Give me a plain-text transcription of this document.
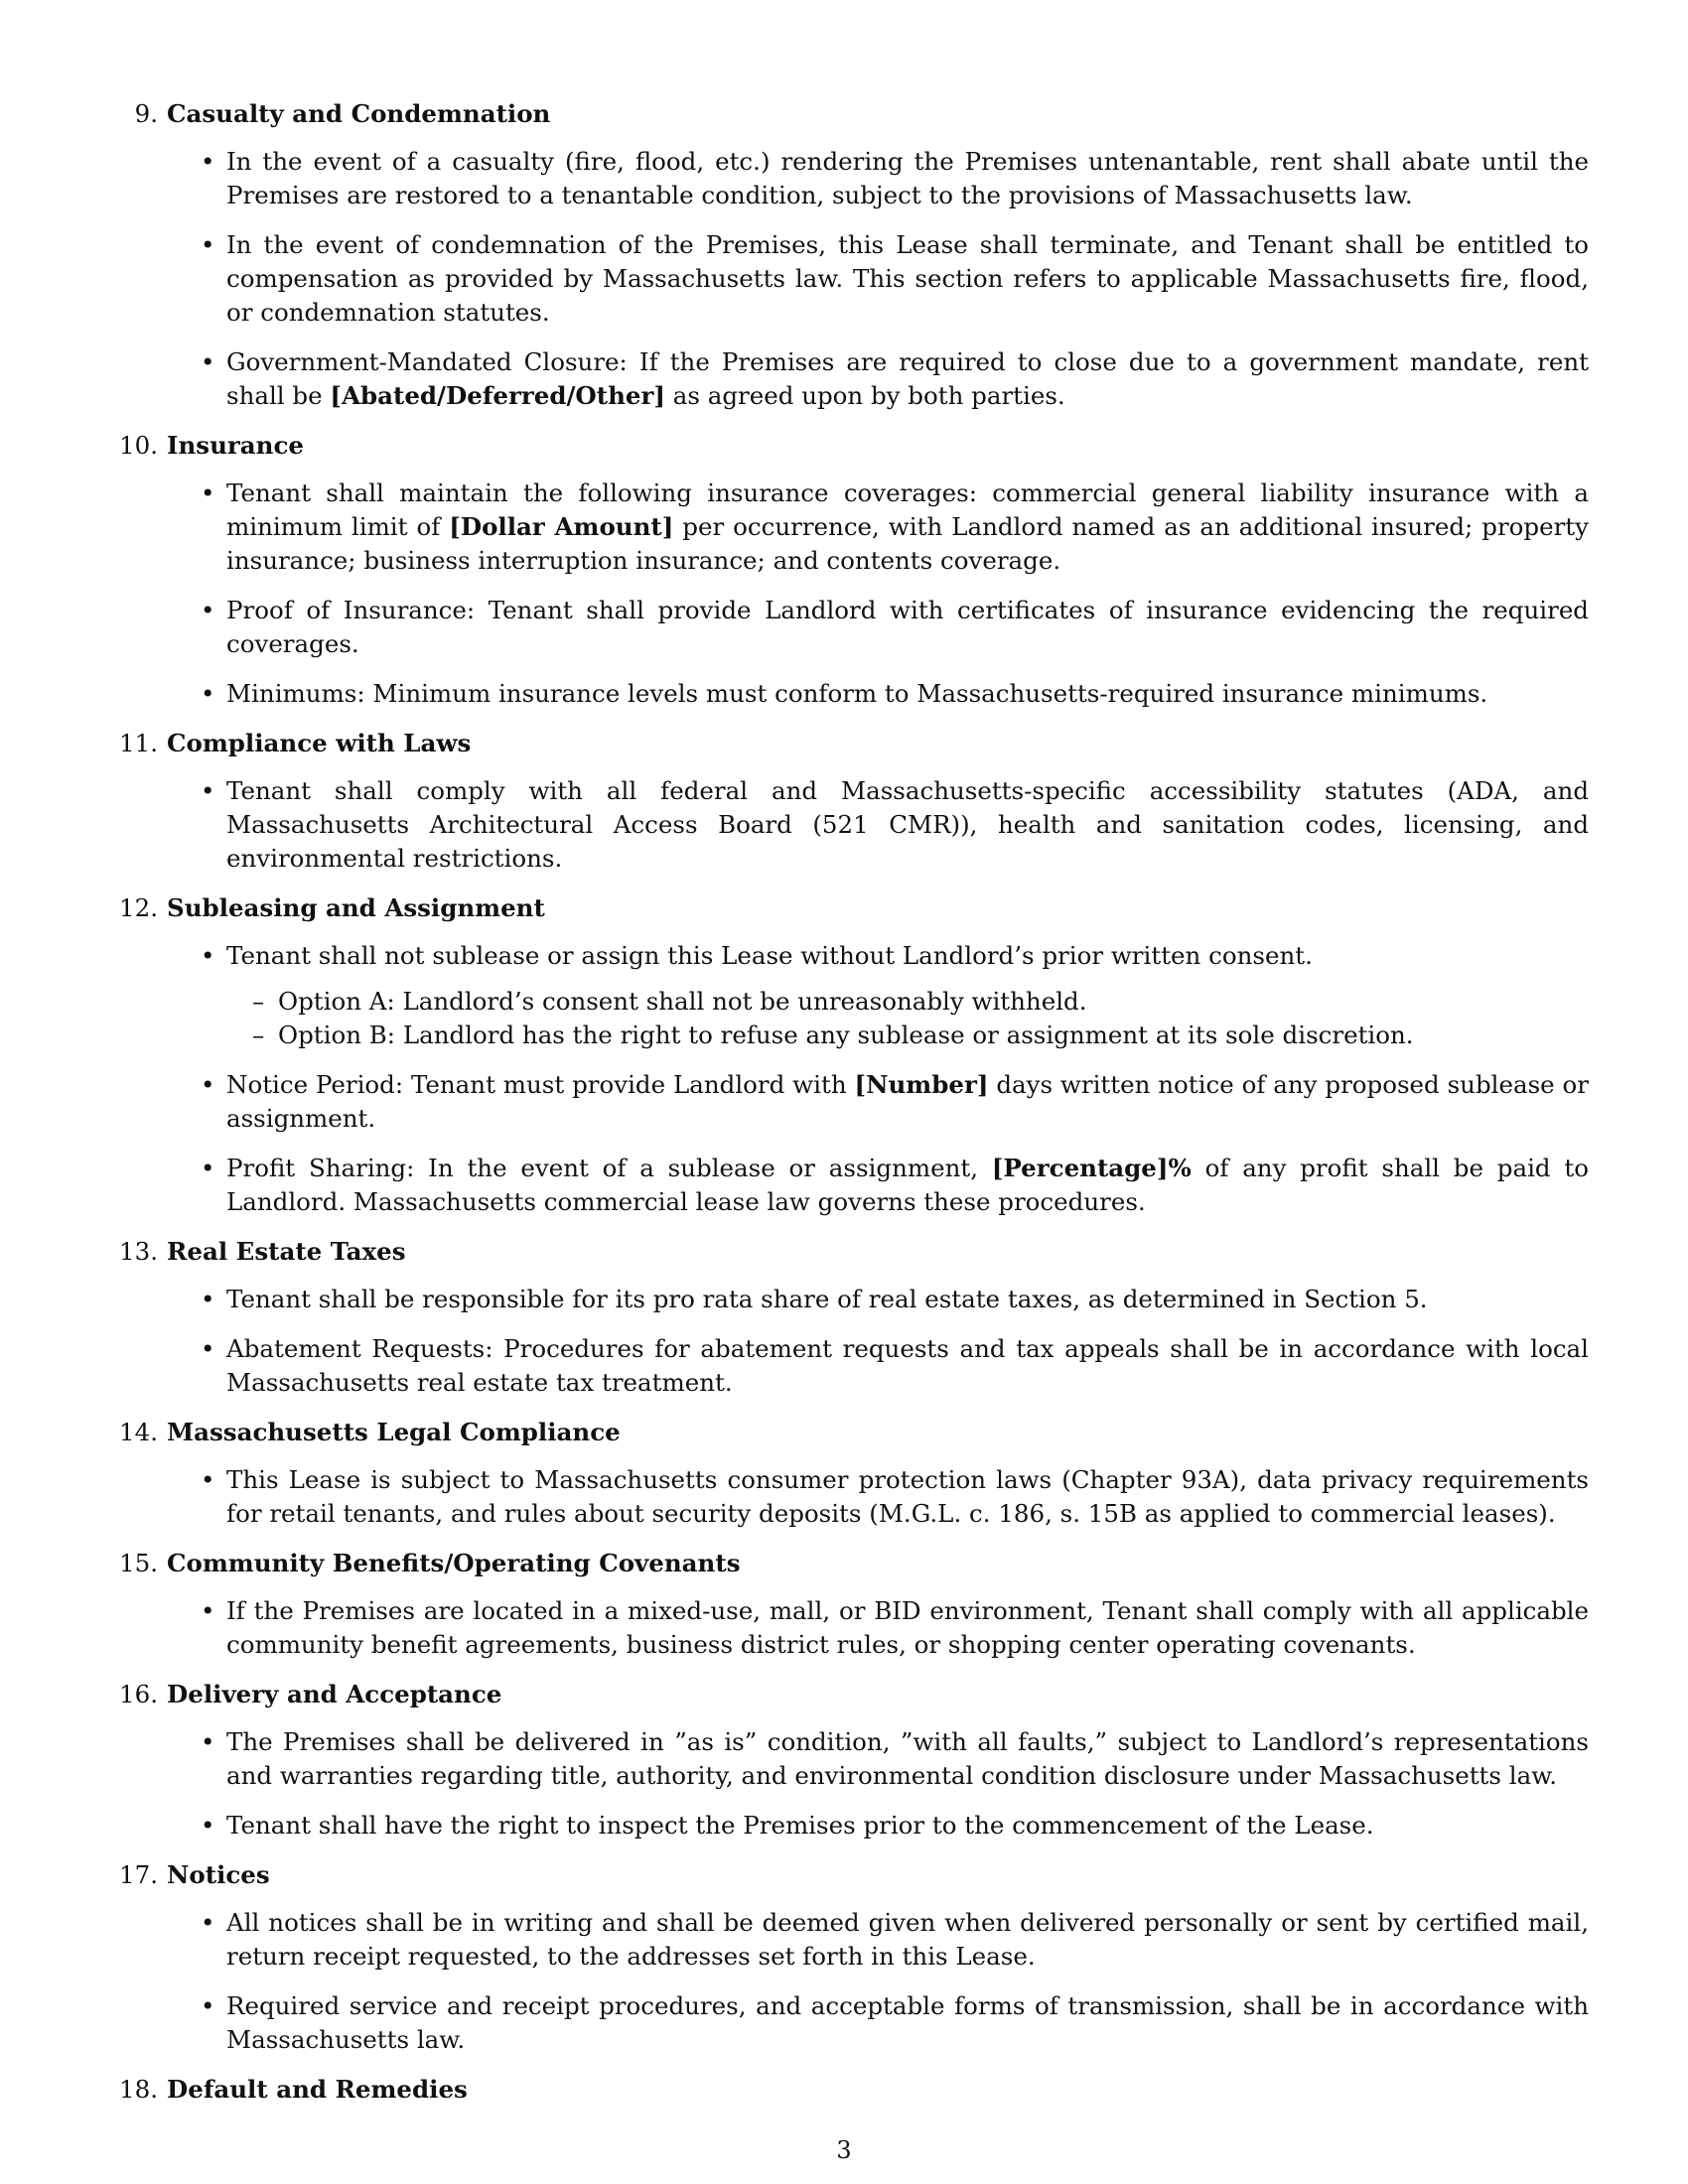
9. Casualty and Condemnation
• In the event of a casualty (fire, flood, etc.) rendering the Premises untenantable, rent shall abate until the Premises are restored to a tenantable condition, subject to the provisions of Massachusetts law.
• In the event of condemnation of the Premises, this Lease shall terminate, and Tenant shall be entitled to compensation as provided by Massachusetts law. This section refers to applicable Massachusetts fire, flood, or condemnation statutes.
• Government-Mandated Closure: If the Premises are required to close due to a government mandate, rent shall be [Abated/Deferred/Other] as agreed upon by both parties.
10. Insurance
• Tenant shall maintain the following insurance coverages: commercial general liability insurance with a minimum limit of [Dollar Amount] per occurrence, with Landlord named as an additional insured; property insurance; business interruption insurance; and contents coverage.
• Proof of Insurance: Tenant shall provide Landlord with certificates of insurance evidencing the required coverages.
• Minimums: Minimum insurance levels must conform to Massachusetts-required insurance minimums.
11. Compliance with Laws
• Tenant shall comply with all federal and Massachusetts-specific accessibility statutes (ADA, and Massachusetts Architectural Access Board (521 CMR)), health and sanitation codes, licensing, and environmental restrictions.
12. Subleasing and Assignment
• Tenant shall not sublease or assign this Lease without Landlord’s prior written consent.
– Option A: Landlord’s consent shall not be unreasonably withheld.
– Option B: Landlord has the right to refuse any sublease or assignment at its sole discretion.
• Notice Period: Tenant must provide Landlord with [Number] days written notice of any proposed sublease or assignment.
• Profit Sharing: In the event of a sublease or assignment, [Percentage]% of any profit shall be paid to Landlord. Massachusetts commercial lease law governs these procedures.
13. Real Estate Taxes
• Tenant shall be responsible for its pro rata share of real estate taxes, as determined in Section 5.
• Abatement Requests: Procedures for abatement requests and tax appeals shall be in accordance with local Massachusetts real estate tax treatment.
14. Massachusetts Legal Compliance
• This Lease is subject to Massachusetts consumer protection laws (Chapter 93A), data privacy requirements for retail tenants, and rules about security deposits (M.G.L. c. 186, s. 15B as applied to commercial leases).
15. Community Benefits/Operating Covenants
• If the Premises are located in a mixed-use, mall, or BID environment, Tenant shall comply with all applicable community benefit agreements, business district rules, or shopping center operating covenants.
16. Delivery and Acceptance
• The Premises shall be delivered in ”as is” condition, ”with all faults,” subject to Landlord’s representations and warranties regarding title, authority, and environmental condition disclosure under Massachusetts law.
• Tenant shall have the right to inspect the Premises prior to the commencement of the Lease.
17. Notices
• All notices shall be in writing and shall be deemed given when delivered personally or sent by certified mail, return receipt requested, to the addresses set forth in this Lease.
• Required service and receipt procedures, and acceptable forms of transmission, shall be in accordance with Massachusetts law.
18. Default and Remedies
3
